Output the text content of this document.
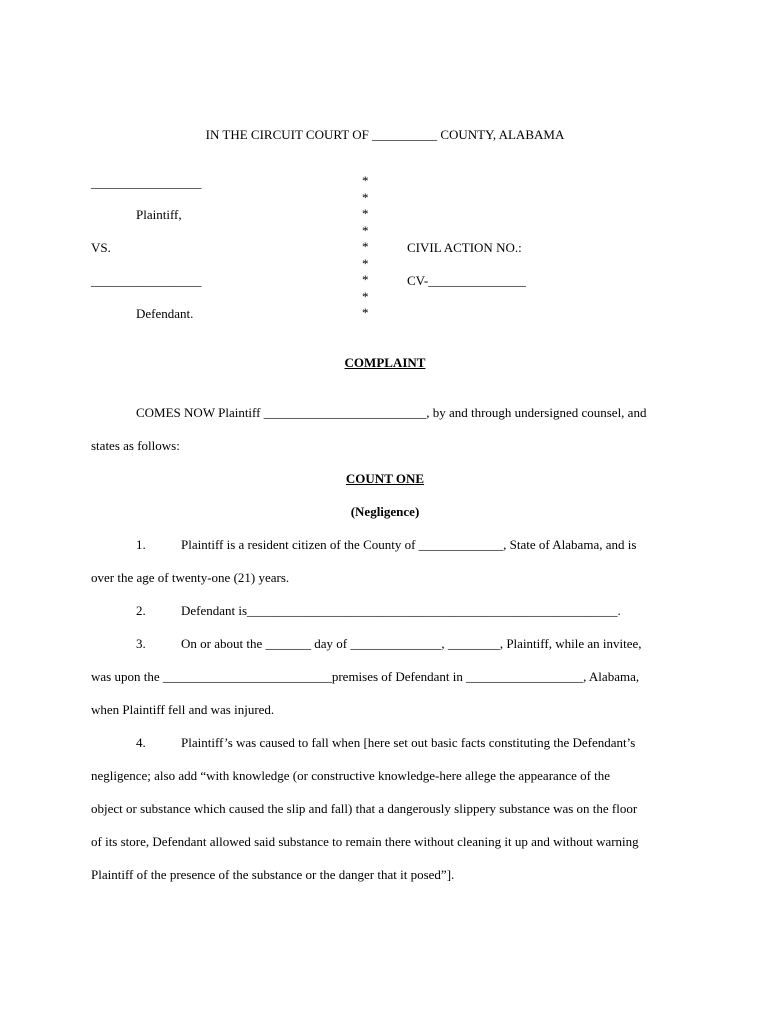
IN THE CIRCUIT COURT OF __________ COUNTY, ALABAMA
_________________
Plaintiff,
VS.
_________________
Defendant.
*
*
*
*
*
*
*
*
*
CIVIL ACTION NO.:
CV-_______________
COMPLAINT
COMES NOW Plaintiff _________________________, by and through undersigned counsel, and
states as follows:
COUNT ONE
(Negligence)
1.	Plaintiff is a resident citizen of the County of _____________, State of Alabama, and is
over the age of twenty-one (21) years.
2.	Defendant is_________________________________________________________.
3.	On or about the _______ day of ______________, ________, Plaintiff, while an invitee,
was upon the __________________________premises of Defendant in __________________, Alabama,
when Plaintiff fell and was injured.
4.	Plaintiff’s was caused to fall when [here set out basic facts constituting the Defendant’s
negligence; also add “with knowledge (or constructive knowledge-here allege the appearance of the
object or substance which caused the slip and fall) that a dangerously slippery substance was on the floor
of its store, Defendant allowed said substance to remain there without cleaning it up and without warning
Plaintiff of the presence of the substance or the danger that it posed”].
